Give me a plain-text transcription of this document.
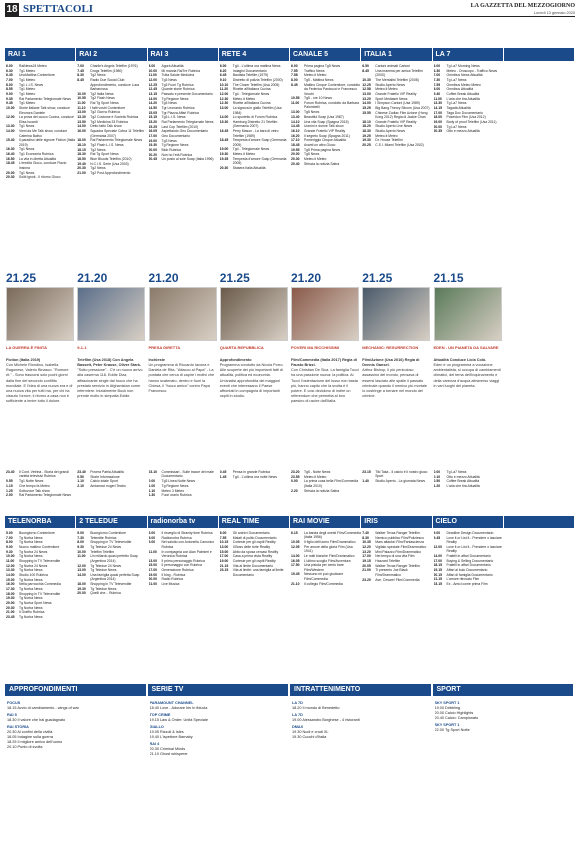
18 SPETTACOLI	LA GAZZETTA DEL MEZZOGIORNO
Lunedì 13 gennaio 2020
RAI 1	RAI 2	RAI 3	RETE 4	CANALE 5	ITALIA 1	LA 7
6.00	RaiNews24 Meteo
6.30	Tg1 Meteo
6.45	UnoMattina Contenitore
7.00	Tg1 Meteo
8.00	Tg1 L.I.S. News
8.55	Tg1 Meteo
9.00	Tg1 Meteo
9.35	Rai Parlamento Telegiornale News
9.45	Tg1 Meteo
10.00	Storie italiane Talk show, conduce Eleonora Daniele
12.00	La prova del cuoco Cucina, conduce Elisa Isoardi
13.30	Tg1 News
14.00	Vieni da Me Talk show, conduce Caterina Balivo
15.40	Il paradiso delle signore Fiction (Italia 2019)
16.30	Tg1 News
16.40	Tg1 Economia Rubrica
16.50	La vita in diretta Attualità
18.45	L'eredità Gioco, conduce Flavio Insinna
20.00	Tg1 News
20.30	Soliti ignoti - Il ritorno Gioco
7.00	Charlie's Angels Telefilm (1976)
7.45	Drugs Telefilm (1980)
8.30	Tg2 News
8.45	Radio Due Social Club Approfondimento, conduce Luca Barbarossa
10.00	Tg2 Italia News
10.55	Tg2 Flash News
11.00	Rai Tg Sport News
11.10	I fatti vostri Contenitore
13.00	Tg2 Giorno Rubrica
13.30	Tg2 Costume e Società Rubrica
13.50	Tg2 Medicina 33 Rubrica
14.00	Detto fatto Talk show
16.00	Squadra Speciale Cobra 11 Telefilm (Germania 2007)
18.00	Rai Parlamento Telegiornale News
18.10	Tg2 Flash L.I.S. News
18.15	Tg2 News
18.30	Rai Tg Sport News
18.50	Blue Bloods Telefilm (2010)
19.40	N.C.I.S. Serie (Usa 2003)
20.30	Tg2 News
21.00	Tg2 Post Approfondimento
8.00	Agorà Attualità
10.00	Mi manda RaiTre Rubrica
11.00	Tutta Salute Medicina
12.00	Tg3 News
12.25	Tg3 Fuori Tg Rubrica
12.45	Quante storie Rubrica
13.15	Passato e presente Documentario
14.00	Tg Regione News
14.20	Tg3 News
14.50	Tgr Leonardo Rubrica
15.05	Tgr Piazza Affari Rubrica
15.15	Tg3 L.I.S. News
15.20	Rai Parlamento Telegiornale News
15.25	Last Cop Telefilm (2010)
16.05	Aspettando Geo Documentario
17.00	Geo Documentario
19.00	Tg3 News
19.30	Tg Regione News
20.00	Blob Rubrica
20.20	Non ho l'età Rubrica
20.45	Un posto al sole Soap (Italia 1996)
6.00	Tg4 - L'ultima ora mattina News
6.20	Indagini Documentario
6.45	Bautista Telefilm (1979)
9.10	Distretto di polizia Telefilm (2000)
10.10	The Closer Telefilm (Usa 2005)
11.20	Ricette all'italiana Cucina
12.00	Tg4 - Telegiornale News
12.30	Meteo.it Meteo
12.30	Ricette all'italiana Cucina
13.00	La signora in giallo Telefilm (Usa 1984)
14.00	Lo sportello di Forum Rubrica
15.30	Hamburg Distretto 21 Telefilm (Germania 2007)
16.45	Perry Mason - La bara di vetro Telefilm (1989)
18.45	Tempesta d'amore Soap (Germania 2005)
19.00	Tg4 - Telegiornale News
19.30	Meteo.it Meteo
19.35	Tempesta d'amore Soap (Germania 2005)
20.30	Stasera Italia Attualità
6.00	Prima pagina Tg5 News
7.55	Traffico News
7.58	Meteo.it Meteo
8.00	Tg5 - Mattina News
8.45	Mattino Cinque Contenitore, condotto da Federica Panicucci e Francesco Vecchi
10.55	Tg5 - ore 10 News
11.00	Forum Rubrica, condotto da Barbara Palombelli
13.00	Tg5 News
13.40	Beautiful Soap (Usa 1987)
14.10	Una vita Soap (Spagna 2015)
14.45	Uomini e donne Talk show
16.10	Grande Fratello VIP Reality
16.20	Il segreto Soap (Spagna 2011)
17.10	Pomeriggio Cinque Attualità
18.45	Avanti un altro Gioco
19.55	Tg5 Prima pagina News
20.00	Tg5 News
20.30	Meteo.it Meteo
20.40	Striscia la notizia Satira
6.50	Cartoni animati Cartoni
8.45	Una mamma per amica Telefilm (2000)
10.30	The Mentalist Telefilm (2008)
12.25	Studio Aperto News
12.58	Meteo.it Meteo
13.00	Grande Fratello VIP Reality
13.20	Sport Mediaset News
14.00	I Simpson Cartoni (Usa 1989)
15.25	Big Bang Theory Sitcom (Usa 2007)
15.55	Chinese Zodiac Film Azione (Hong Kong 2012) Regia di Jackie Chan
18.10	Grande Fratello VIP Reality
18.20	Studio Aperto Live News
18.30	Studio Aperto News
19.25	Meteo.it Meteo
19.30	Dr. House Telefilm
20.25	C.S.I. Miami Telefilm (Usa 2002)
6.00	Tg La7 Morning News
6.30	Meteo - Oroscopo - Traffico News
7.00	Omnibus News Attualità
7.30	Tg La7 News
7.55	Omnibus Meteo Meteo
8.00	Omnibus Attualità
9.40	Coffee Break Attualità
11.00	L'aria che tira Attualità
13.30	Tg La7 News
14.15	Tagadà Attualità
17.00	Taga Doc Documentario
18.00	Poseidon Film (Usa 2012)
19.00	Body of proof Telefilm (Usa 2011)
20.00	Tg La7 News
20.35	Otto e mezzo Attualità
21.25
LA GUERRA È FINITA
Fiction (Italia 2019)
Con Michele Riondino, Isabella Ragonese, Valerio Binasco. "Rumore rit." - Sono trascorsi solo pochi giorni dalla fine del secondo conflitto mondiale. E l'idea di una nuova era e di una nuova vita per tutti ma, per chi ha vissuto l'orrore, il ritorno a casa non è sufficiente a lenire tutto il dolore.
21.20
9-1-1
Telefilm (Usa 2018) Con Angela Bassett, Peter Krause, Oliver Stark.
"Sotto pressione" - C'è un nuovo arrivo alla caserma 118. Eddie Diaz, affascinante single dal fuoco che ha prestato servizio in Afghanistan come infermiere. Inizialmente Buck non prende molto in simpatia Eddie.
21.20
PRESA DIRETTA
Inchieste
Un programma di Riccardo Iacona e Daniela de Rita. "Attacco al Papa" - La puntata che cerca di capire i motivi che hanno scatenato, dentro e fuori la Chiesa, il "fuoco amico" contro Papa Francesco.
21.25
QUARTA REPUBBLICA
Approfondimento
Programma condotto da Nicola Porro. Alle scoperte dei più importanti fatti di attualità, politica ed economia. Un'analisi approfondita dei maggiori eventi che interessano il Paese affrontati in compagnia di importanti ospiti in studio.
21.20
POVERI MA RICCHISSIMI
Film/Commedia (Italia 2017) Regia di Fausto Brizzi.
Con Christian De Sica. La famiglia Tucci ha una passione nuova: la politica. Ai Tucci l'ostentazione del lusso non basta più, hanno capito che la svolta è il potere. E così decidono di indire un referendum che permetta al loro paesino di uscire dall'Italia.
21.25
MECHANIC: RESURRECTION
Film/Azione (Usa 2016) Regia di Dennis Gansel.
Arthur Bishop, il più pericoloso assassino del mondo, pensava di essersi lasciato alle spalle il passato criminale quando il nemico più mortale lo costringe a tornare nel mondo del crimine.
21.15
EDEN - UN PIANETA DA SALVARE
Attualità Conduce Licia Colò.
Eden è un programma a vocazione ambientalista, si occupa di cambiamenti climatici, del tema dell'inquinamento e della carenza d'acqua attraverso viaggi in vari luoghi del pianeta.
23.40	Il Cont. Vetrina - Storia dei grandi varietà televisivi Rubrica
0.55	Tg1 Notte News
1.15	Che tempo fa Meteo
1.25	Sottovoce Talk show
2.00	Rai Parlamento Telegiornale News
23.40	Povera Patria Attualità
0.50	Storie Informazione
1.10	Calcio totale Sport
2.10	Amiamoci eugeri Teatro
23.10	Commissari - Sulle tracce del male Documentario
0.00	Tg3 Linea Notte News
1.00	Tg Regione News
1.10	Meteo 3 Meteo
1.30	Fuori orario Rubrica
0.45	Pensa in grande Rubrica
1.45	Tg4 - L'ultima ora notte News
23.20	Tg5 - Notte News
23.55	Meteo.it Meteo
0.00	La prima cosa bella Film/Commedia (Italia 2010)
2.20	Striscia la notizia Satira
23.15	Tiki Taka - Il calcio è il nostro gioco Sport
1.40	Studio Aperto - La giornata News
0.00	Tg La7 News
0.10	Otto e mezzo Attualità
0.50	Coffee Break Attualità
1.20	L'aria che tira Attualità
TELENORBA	2 TELEDUE	radionorba tv	REAL TIME	RAI MOVIE	IRIS	CIELO
5.00	Buongiorno Contenitore
7.00	Tg Norba News
8.00	Tg Norba News
9.00	Nuovo mattino Contenitore
9.30	Tg Norba 24 News
10.00	Tg Norba News
11.00	Shopping in TV Televendite
12.00	Tg Norba 24 News
13.30	Tg Norba News
14.00	Studio 100 Rubrica
15.00	Tg Norba News
16.00	Nella parrocchia Commedia
17.30	Tg Norba News
18.00	Shopping in TV Televendite
19.30	Tg Norba News
20.00	Tg Norba Sport News
20.30	Tg Norba News
21.00	Il Graffio Rubrica
23.45	Tg Norba News
5.00	Buongiorno Contenitore
7.30	Telemitte Rubrica
8.00	Shopping in TV Televendite
9.30	Tg Teledue 24 News
10.00	Telefilm Telefilm
11.00	Un miliardo quasi perfetto Soap (Argentina 2014)
12.00	Tg Teledue 24 News
13.00	Tg Teledue News
14.00	Una famiglia quasi perfetta Soap (Argentina 2014)
18.00	Shopping in TV Televendite
19.30	Tg Teledue News
20.00	Quelli che... Rubrica
6.00	Il risveglio di Stranity time Rubrica
8.00	Radionorba Rubrica
9.00	Nel salotto con Antonella Canonico Rubrica
11.00	In compagnia con Alan Palmieri e Veronica Rubrica
13.00	Il primo personaggio Rubrica
15.00	Il personaggio con Rubrica
17.00	Generazione Rubrica
19.00	Il blog - Rubrica
20.00	Radio Rubrica
21.00	Live Musica
6.00	Gli archivi Documentario
7.55	Malati di pulito Documentario
10.15	Cortesie per gli ospiti Reality
13.00	Il Boss delle torte Reality
15.00	Abito da sposa cercasi Reality
17.00	Casa a prima vista Reality
19.00	Cortesie per gli ospiti Reality
21.15	Vita al limite Documentario
23.15	Vita al limite: una famiglia al limite Documentario
6.15	La banda degli onesti Film/Commedia (Italia 1956)
10.05	Il figlio dell'uomo Film/Drammatico
12.05	Per amore della gloria Film (Usa 1941)
14.00	Le notti bianche Film/Drammatico
16.05	L'ultimo scoglio Film/Avventura
17.50	Una pistola per cento bare Film/Western
19.45	Nessuno mi può giudicare Film/Commedia
21.10	Il collegio Film/Commedia
7.40	Walker Texas Ranger Telefilm
8.30	Nemico pubblico Film/Poliziesco
10.35	Mars attacks! Film/Fantascienza
12.20	Vigilato speciale Film/Drammatico
13.20	Mini Palazzo Film/Drammatico
17.00	Nel tempo di una vita Film
19.15	Hazzard Telefilm
20.05	Walker Texas Ranger Telefilm
21.00	Ti presento Joe Black Film/Drammatico
23.20	Ave, Cesare! Film/Commedia
9.00	Deadline Design Documentario
9.45	Love it or List it - Prendere o lasciare Reality
12.00	Love it or List it - Prendere o lasciare Reality
14.00	Fratelli in affari Documentario
17.00	Buying & Selling Documentario
18.15	Fratelli in affari Documentario
19.15	Affari al buio Documentario
20.15	Affari di famiglia Documentario
21.15	L'amore ritrovato Film
23.15	Ex - Amici come prima Film
APPROFONDIMENTI	SERIE TV	INTRATTENIMENTO	SPORT
FOCUS
18.15 Avvio di cambiamento - wings of war
RAI 5
18.30 Il valore che hai guadagnato
RAI STORIA
20.30 Al confini della civiltà
18.05 Indagine sulla guerra
18.25 Il migliore amico dell'uomo
20.10 Punto di svolta
PARAMOUNT CHANNEL
18.40 Love - Adorare Iris In fiducia
TOP CRIME
19.15 Law & Order: Unità Speciale
GIALLO
19.05 Rizzoli & Isles
19.40 L'ispettore Barnaby
RAI 4
20.30 Criminal Minds
21.10 Ghost whisperer
LA 7D
18.20 Il mondo di Benedetto
LA 7D
19.00 Alessandro Borghese - 4 ristoranti
DMAX
19.30 Nudi e crudi XL
19.30 Cuochi d'Italia
SKY SPORT 1
19.00 Dribbling
20.00 Calcio Highlights
20.40 Calcio: Campionato
SKY SPORT 1
22.00 Tg Sport Notte
